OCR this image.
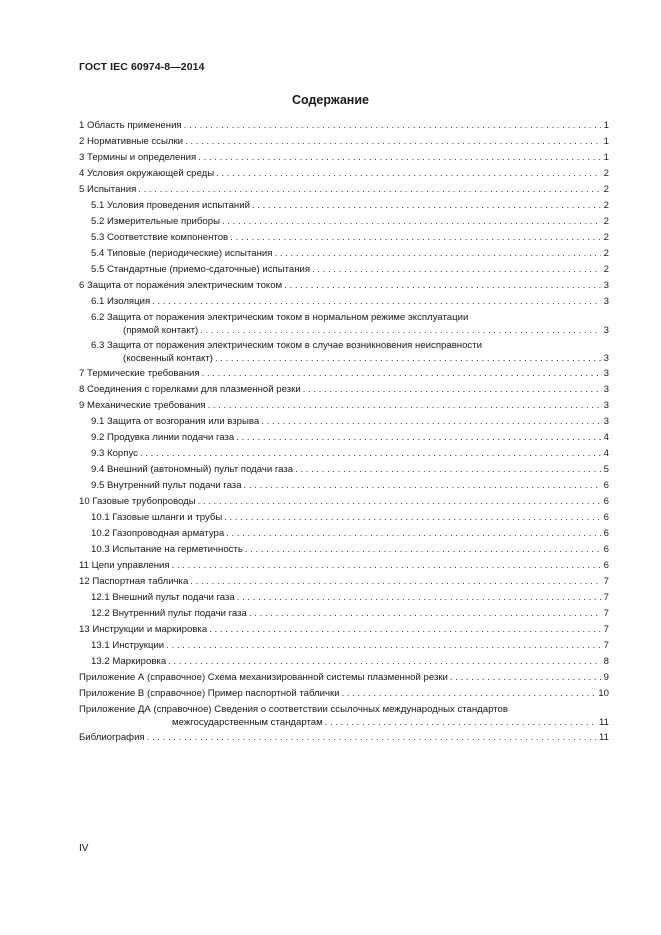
ГОСТ IEC 60974-8—2014
Содержание
1 Область применения . . .	1
2 Нормативные ссылки . . .	1
3 Термины и определения . . .	1
4 Условия окружающей среды . . .	2
5 Испытания . . .	2
5.1 Условия проведения испытаний . . .	2
5.2 Измерительные приборы . . .	2
5.3 Соответствие компонентов . . .	2
5.4 Типовые (периодические) испытания . . .	2
5.5 Стандартные (приемо-сдаточные) испытания . . .	2
6 Защита от поражения электрическим током . . .	3
6.1 Изоляция . . .	3
6.2 Защита от поражения электрическим током в нормальном режиме эксплуатации
(прямой контакт) . . .	3
6.3 Защита от поражения электрическим током в случае возникновения неисправности
(косвенный контакт) . . .	3
7 Термические требования . . .	3
8 Соединения с горелками для плазменной резки . . .	3
9 Механические требования . . .	3
9.1 Защита от возгорания или взрыва . . .	3
9.2 Продувка линии подачи газа . . .	4
9.3 Корпус . . .	4
9.4 Внешний (автономный) пульт подачи газа . . .	5
9.5 Внутренний пульт подачи газа . . .	6
10 Газовые трубопроводы . . .	6
10.1 Газовые шланги и трубы . . .	6
10.2 Газопроводная арматура . . .	6
10.3 Испытание на герметичность . . .	6
11 Цепи управления . . .	6
12 Паспортная табличка . . .	7
12.1 Внешний пульт подачи газа . . .	7
12.2 Внутренний пульт подачи газа . . .	7
13 Инструкции и маркировка . . .	7
13.1 Инструкции . . .	7
13.2 Маркировка . . .	8
Приложение А (справочное) Схема механизированной системы плазменной резки . . .	9
Приложение В (справочное) Пример паспортной таблички . . .	10
Приложение ДА (справочное) Сведения о соответствии ссылочных международных стандартов
межгосударственным стандартам . . .	11
Библиография . . .	11
IV
